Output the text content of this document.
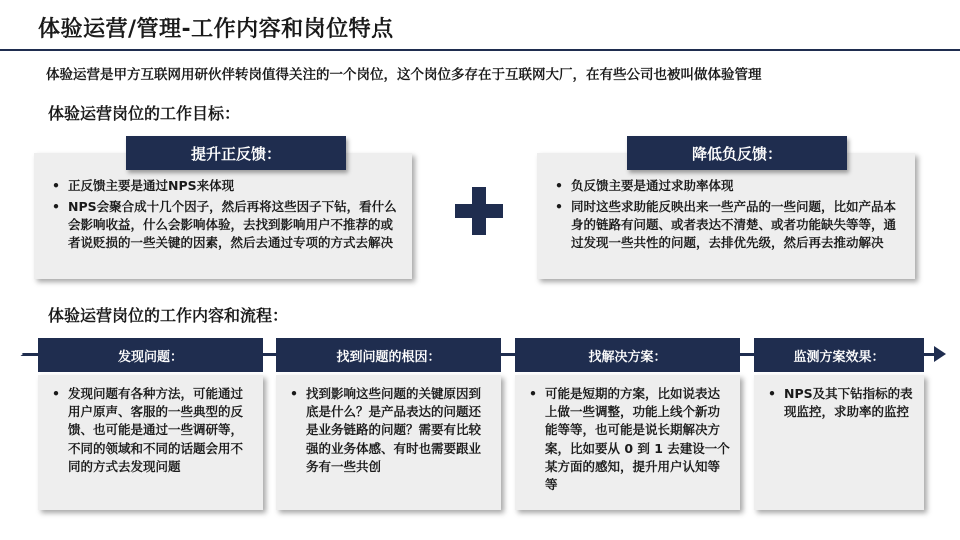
体验运营/管理-工作内容和岗位特点
体验运营是甲方互联网用研伙伴转岗值得关注的一个岗位，这个岗位多存在于互联网大厂，在有些公司也被叫做体验管理
体验运营岗位的工作目标：
• 正反馈主要是通过NPS来体现
• NPS会聚合成十几个因子，然后再将这些因子下钻，看什么会影响收益，什么会影响体验，去找到影响用户不推荐的或者说贬损的一些关键的因素，然后去通过专项的方式去解决
提升正反馈：
• 负反馈主要是通过求助率体现
• 同时这些求助能反映出来一些产品的一些问题，比如产品本身的链路有问题、或者表达不清楚、或者功能缺失等等，通过发现一些共性的问题，去排优先级，然后再去推动解决
降低负反馈：
体验运营岗位的工作内容和流程：
发现问题：	找到问题的根因：	找解决方案：	监测方案效果：
• 发现问题有各种方法，可能通过用户原声、客服的一些典型的反馈、也可能是通过一些调研等，不同的领域和不同的话题会用不同的方式去发现问题
• 找到影响这些问题的关键原因到底是什么？是产品表达的问题还是业务链路的问题？需要有比较强的业务体感、有时也需要跟业务有一些共创
• 可能是短期的方案，比如说表达上做一些调整，功能上线个新功能等等，也可能是说长期解决方案，比如要从 0 到 1 去建设一个某方面的感知，提升用户认知等等
• NPS及其下钻指标的表现监控，求助率的监控
